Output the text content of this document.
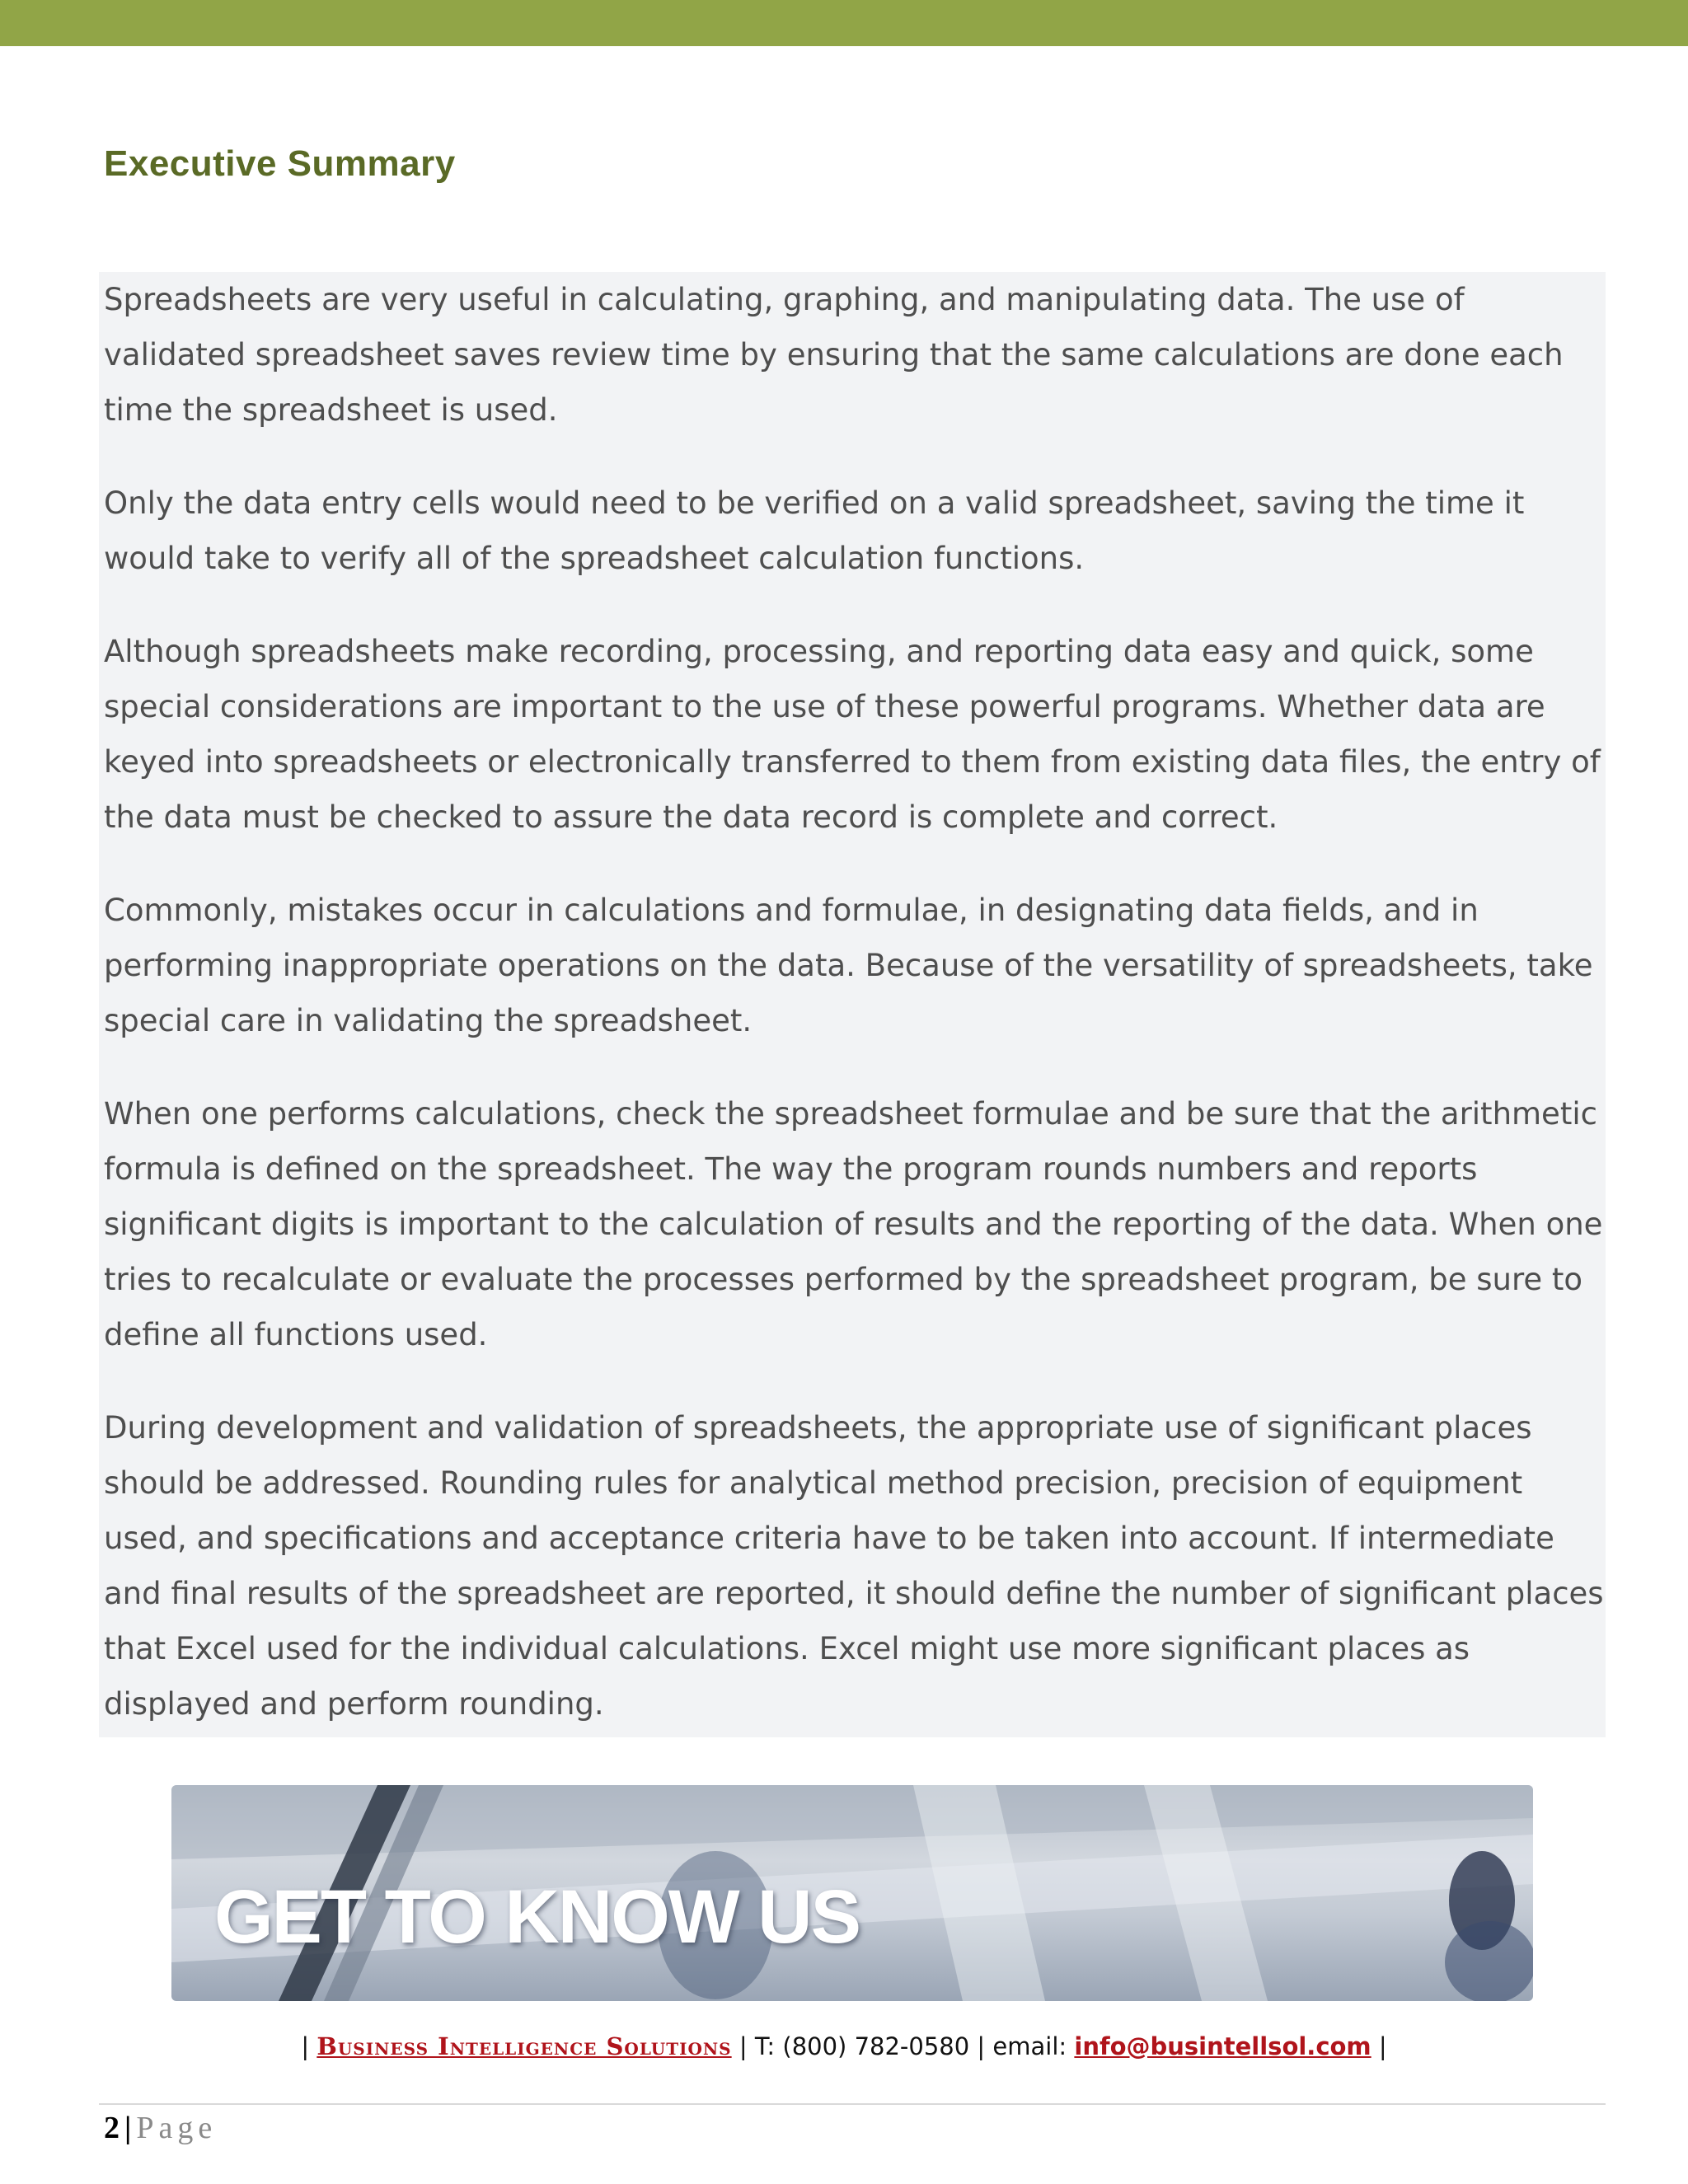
Executive Summary

Spreadsheets are very useful in calculating, graphing, and manipulating data. The use of validated spreadsheet saves review time by ensuring that the same calculations are done each time the spreadsheet is used.

Only the data entry cells would need to be verified on a valid spreadsheet, saving the time it would take to verify all of the spreadsheet calculation functions.

Although spreadsheets make recording, processing, and reporting data easy and quick, some special considerations are important to the use of these powerful programs. Whether data are keyed into spreadsheets or electronically transferred to them from existing data files, the entry of the data must be checked to assure the data record is complete and correct.

Commonly, mistakes occur in calculations and formulae, in designating data fields, and in performing inappropriate operations on the data. Because of the versatility of spreadsheets, take special care in validating the spreadsheet.

When one performs calculations, check the spreadsheet formulae and be sure that the arithmetic formula is defined on the spreadsheet. The way the program rounds numbers and reports significant digits is important to the calculation of results and the reporting of the data. When one tries to recalculate or evaluate the processes performed by the spreadsheet program, be sure to define all functions used.

During development and validation of spreadsheets, the appropriate use of significant places should be addressed. Rounding rules for analytical method precision, precision of equipment used, and specifications and acceptance criteria have to be taken into account. If intermediate and final results of the spreadsheet are reported, it should define the number of significant places that Excel used for the individual calculations. Excel might use more significant places as displayed and perform rounding.

GET TO KNOW US
| Business Intelligence Solutions | T: (800) 782-0580 | email: info@busintellsol.com |
2 | Page
